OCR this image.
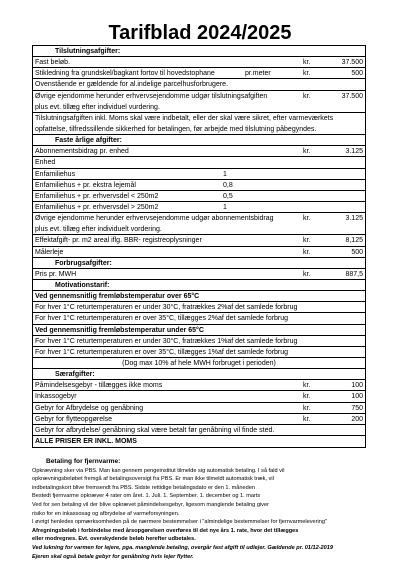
Tarifblad 2024/2025
Tilslutningsafgifter:
Fast beløb.	kr.	37.500
Stikledning fra grundskel/bagkant fortov til hovedstophane	pr.meter	kr.	500
Ovenstående er gældende for al.indelige parcelhusforbrugere.
Øvrige ejendomme herunder erhvervsejendomme udgør tilslutningsafgiften	kr.	37.500
plus evt. tillæg efter individuel vurdering.
Tilslutningsafgiften inkl. Moms skal være indbetalt, eller der skal være sikret, efter varmeværkets
opfattelse, tilfredssillende sikkerhed for betalingen, før arbejde med tilslutning påbegyndes.
Faste årlige afgifter:
Abonnementsbidrag pr. enhed	kr.	3.125
Enhed
Enfamiliehus	1
Enfamiliehus + pr. ekstra lejemål	0,8
Enfamiliehus + pr. erhvervsdel < 250m2	0,5
Enfamiliehus + pr. erhvervsdel > 250m2	1
Øvrige ejendomme herunder erhvervsejendomme udgør abonnementsbidrag	kr.	3.125
plus evt. tillæg efter individuelt vordering.
Effektafgift- pr. m2 areal iflg. BBR- registreoplysninger	kr.	8,125
Målerleje	kr.	500
Forbrugsafgifter:
Pris pr. MWH	kr.	887,5
Motivationstarif:
Ved gennemsnitlig fremløbstemperatur over 65°C
For hver 1°C returtemperaturen er under 30°C, fratrækkes 2%af det samlede forbrug
For hver 1°C returtemperaturen er over 35°C, tillægges 2%af det samlede forbrug
Ved gennemsnitlig fremløbstemperatur under 65°C
For hver 1°C returtemperaturen er under 30°C, fratrækkes 1%af det samlede forbrug
For hver 1°C returtemperaturen er over 35°C, tillægges 1%af det samlede forbrug
(Dog max 10% af hele MWH forbruget i perioden)
Særafgifter:
Påmindelsesgebyr - tillægges ikke moms	kr.	100
Inkassogebyr	kr.	100
Gebyr for Afbrydelse og genåbning	kr.	750
Gebyr for flytteopgørelse	kr.	200
Gebyr for afbrydelse/ genåbning skal være betalt før genåbning vil finde sted.
ALLE PRISER ER INKL. MOMS
Betaling for fjernvarme:
Opkrævning sker via PBS. Man kan gennem pengeinstitut tilmelde sig automatisk betaling. I så fald vil
opkrævningsbeløbet fremgå af betalingsoversigt fra PBS. Er man ikke tilmeldt automatisk træk, vil
indbetalingskort blive fremsendt fra PBS. Sidste rettidige betalingsdato er den 1. måneden
Bestedt fjernvarme opkræver 4 rater om året. 1. Juli. 1. September. 1. december og 1. marts
Ved for sen betaling vil der blive opkrævet påmindelsesgebyr, ligesom manglende betaling giver
risiko for en inkassosag og afbrydelse af varmeforsyningen.
I øvrigt henledes opmærksomheden på de nærmere bestemmelser i "almindelige bestemmelser for fjernvarmelevering"
Afregningsbeløb i forbindelse med årsopgørelsen overføres til det nye års 1. rate, hvor det tillægges
eller modregnes. Evt. overskydende beløb herefter udbetales.
Ved lukning for varmen for lejere, pga. manglende betaling, overgår fast afgift til udlejer. Gældende pr. 01/12-2019
Ejeren skal også betale gebyr for genåbning hvis lejer flytter.
